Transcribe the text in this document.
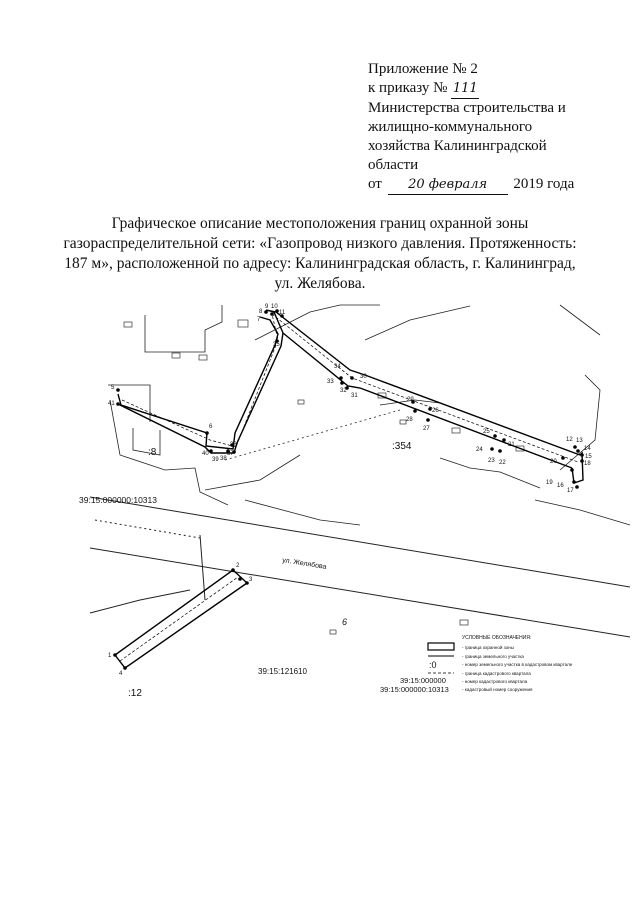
Приложение № 2
к приказу № 111
Министерства строительства и
жилищно-коммунального
хозяйства Калининградской
области
от 20 февраля 2019 года
Графическое описание местоположения границ охранной зоны
газораспределительной сети: «Газопровод низкого давления. Протяженность:
187 м», расположенной по адресу: Калининградская область, г. Калининград,
ул. Желябова.
ул. Желябова
5
41
6
40
39 38
37
36
7
8
9 10
11
35
34
33
32
31
30
29
28
27
26
25
24
23 22
21
20
19 16
17
12 13
14
15
18
2
3
1
4
:8
:354
:12
6
39:15:000000:10313
39:15:121610
УСЛОВНЫЕ ОБОЗНАЧЕНИЯ:
- граница охранной зоны
- граница земельного участка
:0	- номер земельного участка в кадастровом квартале
- граница кадастрового квартала
39:15:000000	- номер кадастрового квартала
39:15:000000:10313	- кадастровый номер сооружения
